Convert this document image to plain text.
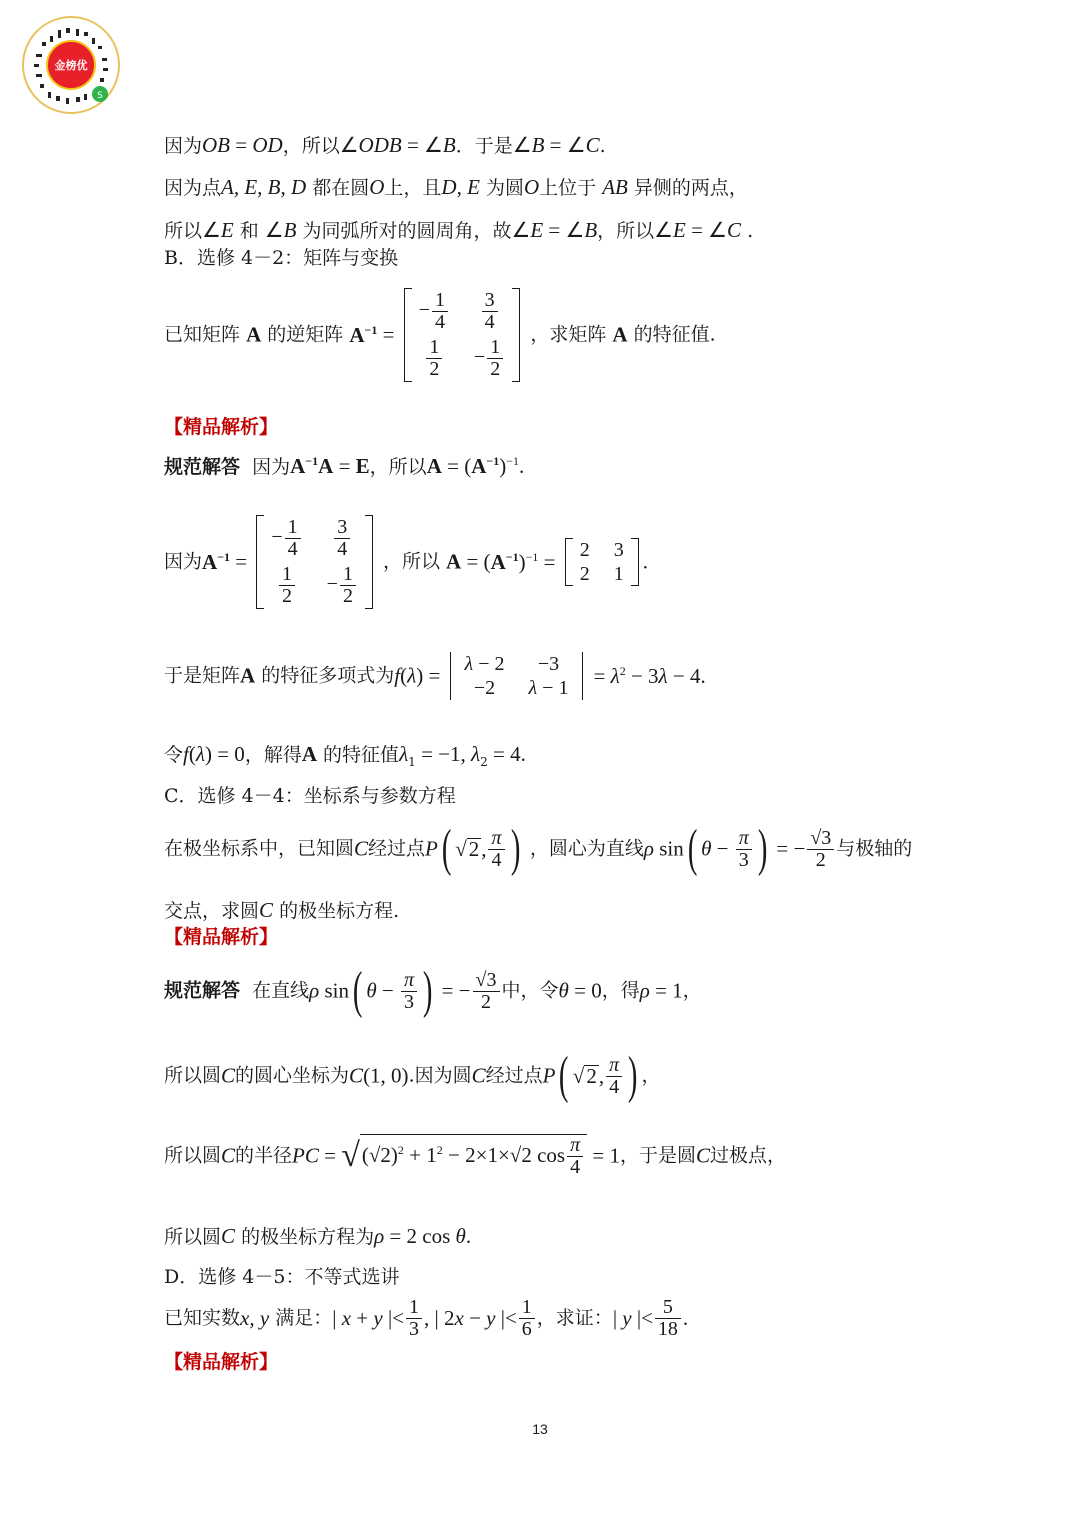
金榜优
S
因为OB = OD，所以∠ODB = ∠B．于是∠B = ∠C.
因为点A, E, B, D 都在圆O上，且D, E 为圆O上位于 AB 异侧的两点，
所以∠E 和 ∠B 为同弧所对的圆周角，故∠E = ∠B，所以∠E = ∠C .
B．选修 4－2：矩阵与变换
已知矩阵 A 的逆矩阵 $A^{-1}$ =
− $\frac{1}{4}$	$\frac{3}{4}$

$\frac{1}{2}$	− $\frac{1}{2}$
，求矩阵 A 的特征值.
【精品解析】
规范解答 因为$A^{-1}A = E$，所以$A = (A^{-1})^{-1}$.
因为$A^{-1}$ =
− $\frac{1}{4}$	$\frac{3}{4}$

$\frac{1}{2}$	− $\frac{1}{2}$
，所以 $A = (A^{-1})^{-1} = 2$	3
2	1
.
于是矩阵A 的特征多项式为f(λ) = λ − 2	−3
−2	$\lambda - 1 = \lambda^2 - 3\lambda - 4$.
令f(λ) = 0，解得A 的特征值$\lambda_1 = -1$, $\lambda_2 = 4$.
C．选修 4－4：坐标系与参数方程
在极坐标系中，已知圆C经过点P( √2, $\frac{\pi}{4}$ ) ，圆心为直线ρ sin( $\theta - \frac{\pi}{3}$ ) = − $\frac{√3}{2}$ 与极轴的
交点，求圆C 的极坐标方程.
【精品解析】
规范解答 在直线ρ sin( $\theta - \frac{\pi}{3}$ ) = − $\frac{√3}{2}$ 中，令θ = 0，得ρ = 1，
所以圆C的圆心坐标为C(1, 0).因为圆C经过点P( √2, $\frac{\pi}{4}$ ) ，
所以圆C的半径PC = $√(√2)^2 + 1^2 - 2\times 1\times√2$ $\cos \frac{\pi}{4} = 1$，于是圆C过极点，
所以圆C 的极坐标方程为ρ = 2 cos θ.
D．选修 4－5：不等式选讲
已知实数x, y 满足：| x + y |< $\frac{1}{3}$ , | 2x − y |< $\frac{1}{6}$ ，求证：| y |< $\frac{5}{18}$ .
【精品解析】
13
